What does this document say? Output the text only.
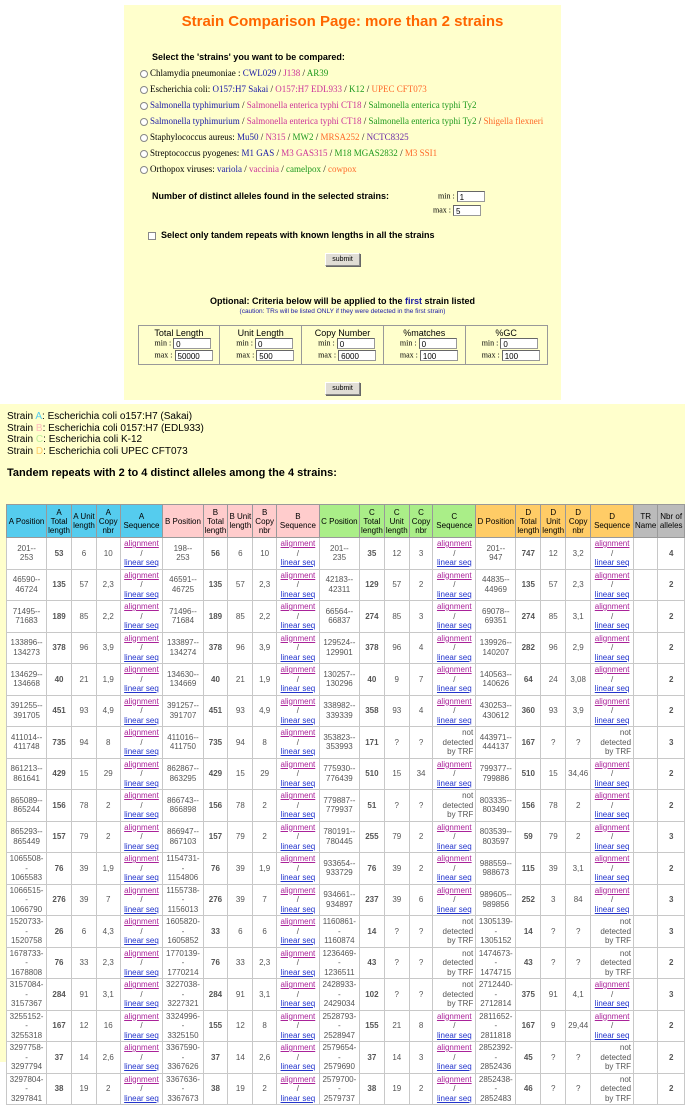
Strain Comparison Page: more than 2 strains
Select the 'strains' you want to be compared:
Chlamydia pneumoniae : CWL029 / J138 / AR39
Escherichia coli: O157:H7 Sakai / O157:H7 EDL933 / K12 / UPEC CFT073
Salmonella typhimurium / Salmonella enterica typhi CT18 / Salmonella enterica typhi Ty2
Salmonella typhimurium / Salmonella enterica typhi CT18 / Salmonella enterica typhi Ty2 / Shigella flexneri
Staphylococcus aureus: Mu50 / N315 / MW2 / MRSA252 / NCTC8325
Streptococcus pyogenes: M1 GAS / M3 GAS315 / M18 MGAS2832 / M3 SSI1
Orthopox viruses: variola / vaccinia / camelpox / cowpox
Number of distinct alleles found in the selected strains:	min : 1
max : 5
Select only tandem repeats with known lengths in all the strains
submit
Optional: Criteria below will be applied to the first strain listed
(caution: TRs will be listed ONLY if they were detected in the first strain)
Total Length
min : 0
max : 50000

Unit Length
min : 0
max : 500

Copy Number
min : 0
max : 6000

%matches
min : 0
max : 100

%GC
min : 0
max : 100
submit
Strain A: Escherichia coli o157:H7 (Sakai)
Strain B: Escherichia coli 0157:H7 (EDL933)
Strain C: Escherichia coli K-12
Strain D: Escherichia coli UPEC CFT073
Tandem repeats with 2 to 4 distinct alleles among the 4 strains:
A Position	A Total length	A Unit length	A Copy nbr	A Sequence	B Position	B Total length	B Unit length	B Copy nbr	B Sequence	C Position	C Total length	C Unit length	C Copy nbr	C Sequence	D Position	D Total length	D Unit length	D Copy nbr	D Sequence	TR Name	Nbr of alleles
201--
253	53	6	10	alignment /
linear seq	198--
253	56	6	10	alignment /
linear seq	201--
235	35	12	3	alignment /
linear seq	201--
947	747	12	3,2	alignment /
linear seq		4
46590--
46724	135	57	2,3	alignment /
linear seq	46591--
46725	135	57	2,3	alignment /
linear seq	42183--
42311	129	57	2	alignment /
linear seq	44835--
44969	135	57	2,3	alignment /
linear seq		2
71495--
71683	189	85	2,2	alignment /
linear seq	71496--
71684	189	85	2,2	alignment /
linear seq	66564--
66837	274	85	3	alignment /
linear seq	69078--
69351	274	85	3,1	alignment /
linear seq		2
133896--
134273	378	96	3,9	alignment /
linear seq	133897--
134274	378	96	3,9	alignment /
linear seq	129524--
129901	378	96	4	alignment /
linear seq	139926--
140207	282	96	2,9	alignment /
linear seq		2
134629--
134668	40	21	1,9	alignment /
linear seq	134630--
134669	40	21	1,9	alignment /
linear seq	130257--
130296	40	9	7	alignment /
linear seq	140563--
140626	64	24	3,08	alignment /
linear seq		2
391255--
391705	451	93	4,9	alignment /
linear seq	391257--
391707	451	93	4,9	alignment /
linear seq	338982--
339339	358	93	4	alignment /
linear seq	430253--
430612	360	93	3,9	alignment /
linear seq		2
411014--
411748	735	94	8	alignment /
linear seq	411016--
411750	735	94	8	alignment /
linear seq	353823--
353993	171	?	?	not
detected
by TRF	443971--
444137	167	?	?	not
detected
by TRF		3
861213--
861641	429	15	29	alignment /
linear seq	862867--
863295	429	15	29	alignment /
linear seq	775930--
776439	510	15	34	alignment /
linear seq	799377--
799886	510	15	34,46	alignment /
linear seq		2
865089--
865244	156	78	2	alignment /
linear seq	866743--
866898	156	78	2	alignment /
linear seq	779887--
779937	51	?	?	not
detected
by TRF	803335--
803490	156	78	2	alignment /
linear seq		2
865293--
865449	157	79	2	alignment /
linear seq	866947--
867103	157	79	2	alignment /
linear seq	780191--
780445	255	79	2	alignment /
linear seq	803539--
803597	59	79	2	alignment /
linear seq		3
1065508--
1065583	76	39	1,9	alignment /
linear seq	1154731--
1154806	76	39	1,9	alignment /
linear seq	933654--
933729	76	39	2	alignment /
linear seq	988559--
988673	115	39	3,1	alignment /
linear seq		2
1066515--
1066790	276	39	7	alignment /
linear seq	1155738--
1156013	276	39	7	alignment /
linear seq	934661--
934897	237	39	6	alignment /
linear seq	989605--
989856	252	3	84	alignment /
linear seq		3
1520733--
1520758	26	6	4,3	alignment /
linear seq	1605820--
1605852	33	6	6	alignment /
linear seq	1160861--
1160874	14	?	?	not
detected
by TRF	1305139--
1305152	14	?	?	not
detected
by TRF		3
1678733--
1678808	76	33	2,3	alignment /
linear seq	1770139--
1770214	76	33	2,3	alignment /
linear seq	1236469--
1236511	43	?	?	not
detected
by TRF	1474673--
1474715	43	?	?	not
detected
by TRF		2
3157084--
3157367	284	91	3,1	alignment /
linear seq	3227038--
3227321	284	91	3,1	alignment /
linear seq	2428933--
2429034	102	?	?	not
detected
by TRF	2712440--
2712814	375	91	4,1	alignment /
linear seq		3
3255152--
3255318	167	12	16	alignment /
linear seq	3324996--
3325150	155	12	8	alignment /
linear seq	2528793--
2528947	155	21	8	alignment /
linear seq	2811652--
2811818	167	9	29,44	alignment /
linear seq		2
3297758--
3297794	37	14	2,6	alignment /
linear seq	3367590--
3367626	37	14	2,6	alignment /
linear seq	2579654--
2579690	37	14	3	alignment /
linear seq	2852392--
2852436	45	?	?	not
detected
by TRF		2
3297804--
3297841	38	19	2	alignment /
linear seq	3367636--
3367673	38	19	2	alignment /
linear seq	2579700--
2579737	38	19	2	alignment /
linear seq	2852438--
2852483	46	?	?	not
detected
by TRF		2
